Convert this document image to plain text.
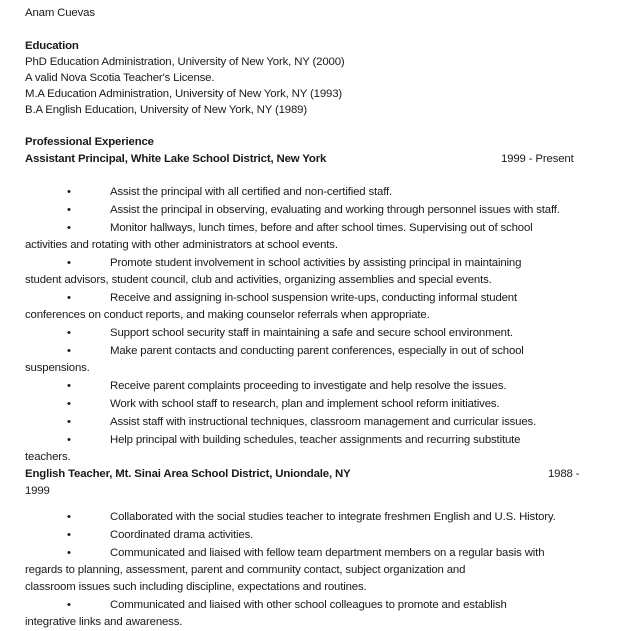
Anam Cuevas
Education
PhD Education Administration, University of New York, NY (2000)
A valid Nova Scotia Teacher's License.
M.A Education Administration, University of New York, NY (1993)
B.A English Education, University of New York, NY (1989)
Professional Experience
Assistant Principal, White Lake School District, New York	1999 - Present
•	Assist the principal with all certified and non-certified staff.
•	Assist the principal in observing, evaluating and working through personnel issues with staff.
•	Monitor hallways, lunch times, before and after school times. Supervising out of school
activities and rotating with other administrators at school events.
•	Promote student involvement in school activities by assisting principal in maintaining
student advisors, student council, club and activities, organizing assemblies and special events.
•	Receive and assigning in-school suspension write-ups, conducting informal student
conferences on conduct reports, and making counselor referrals when appropriate.
•	Support school security staff in maintaining a safe and secure school environment.
•	Make parent contacts and conducting parent conferences, especially in out of school
suspensions.
•	Receive parent complaints proceeding to investigate and help resolve the issues.
•	Work with school staff to research, plan and implement school reform initiatives.
•	Assist staff with instructional techniques, classroom management and curricular issues.
•	Help principal with building schedules, teacher assignments and recurring substitute
teachers.
English Teacher, Mt. Sinai Area School District, Uniondale, NY	1988 -
1999
•	Collaborated with the social studies teacher to integrate freshmen English and U.S. History.
•	Coordinated drama activities.
•	Communicated and liaised with fellow team department members on a regular basis with
regards to planning, assessment, parent and community contact, subject organization and
classroom issues such including discipline, expectations and routines.
•	Communicated and liaised with other school colleagues to promote and establish
integrative links and awareness.
